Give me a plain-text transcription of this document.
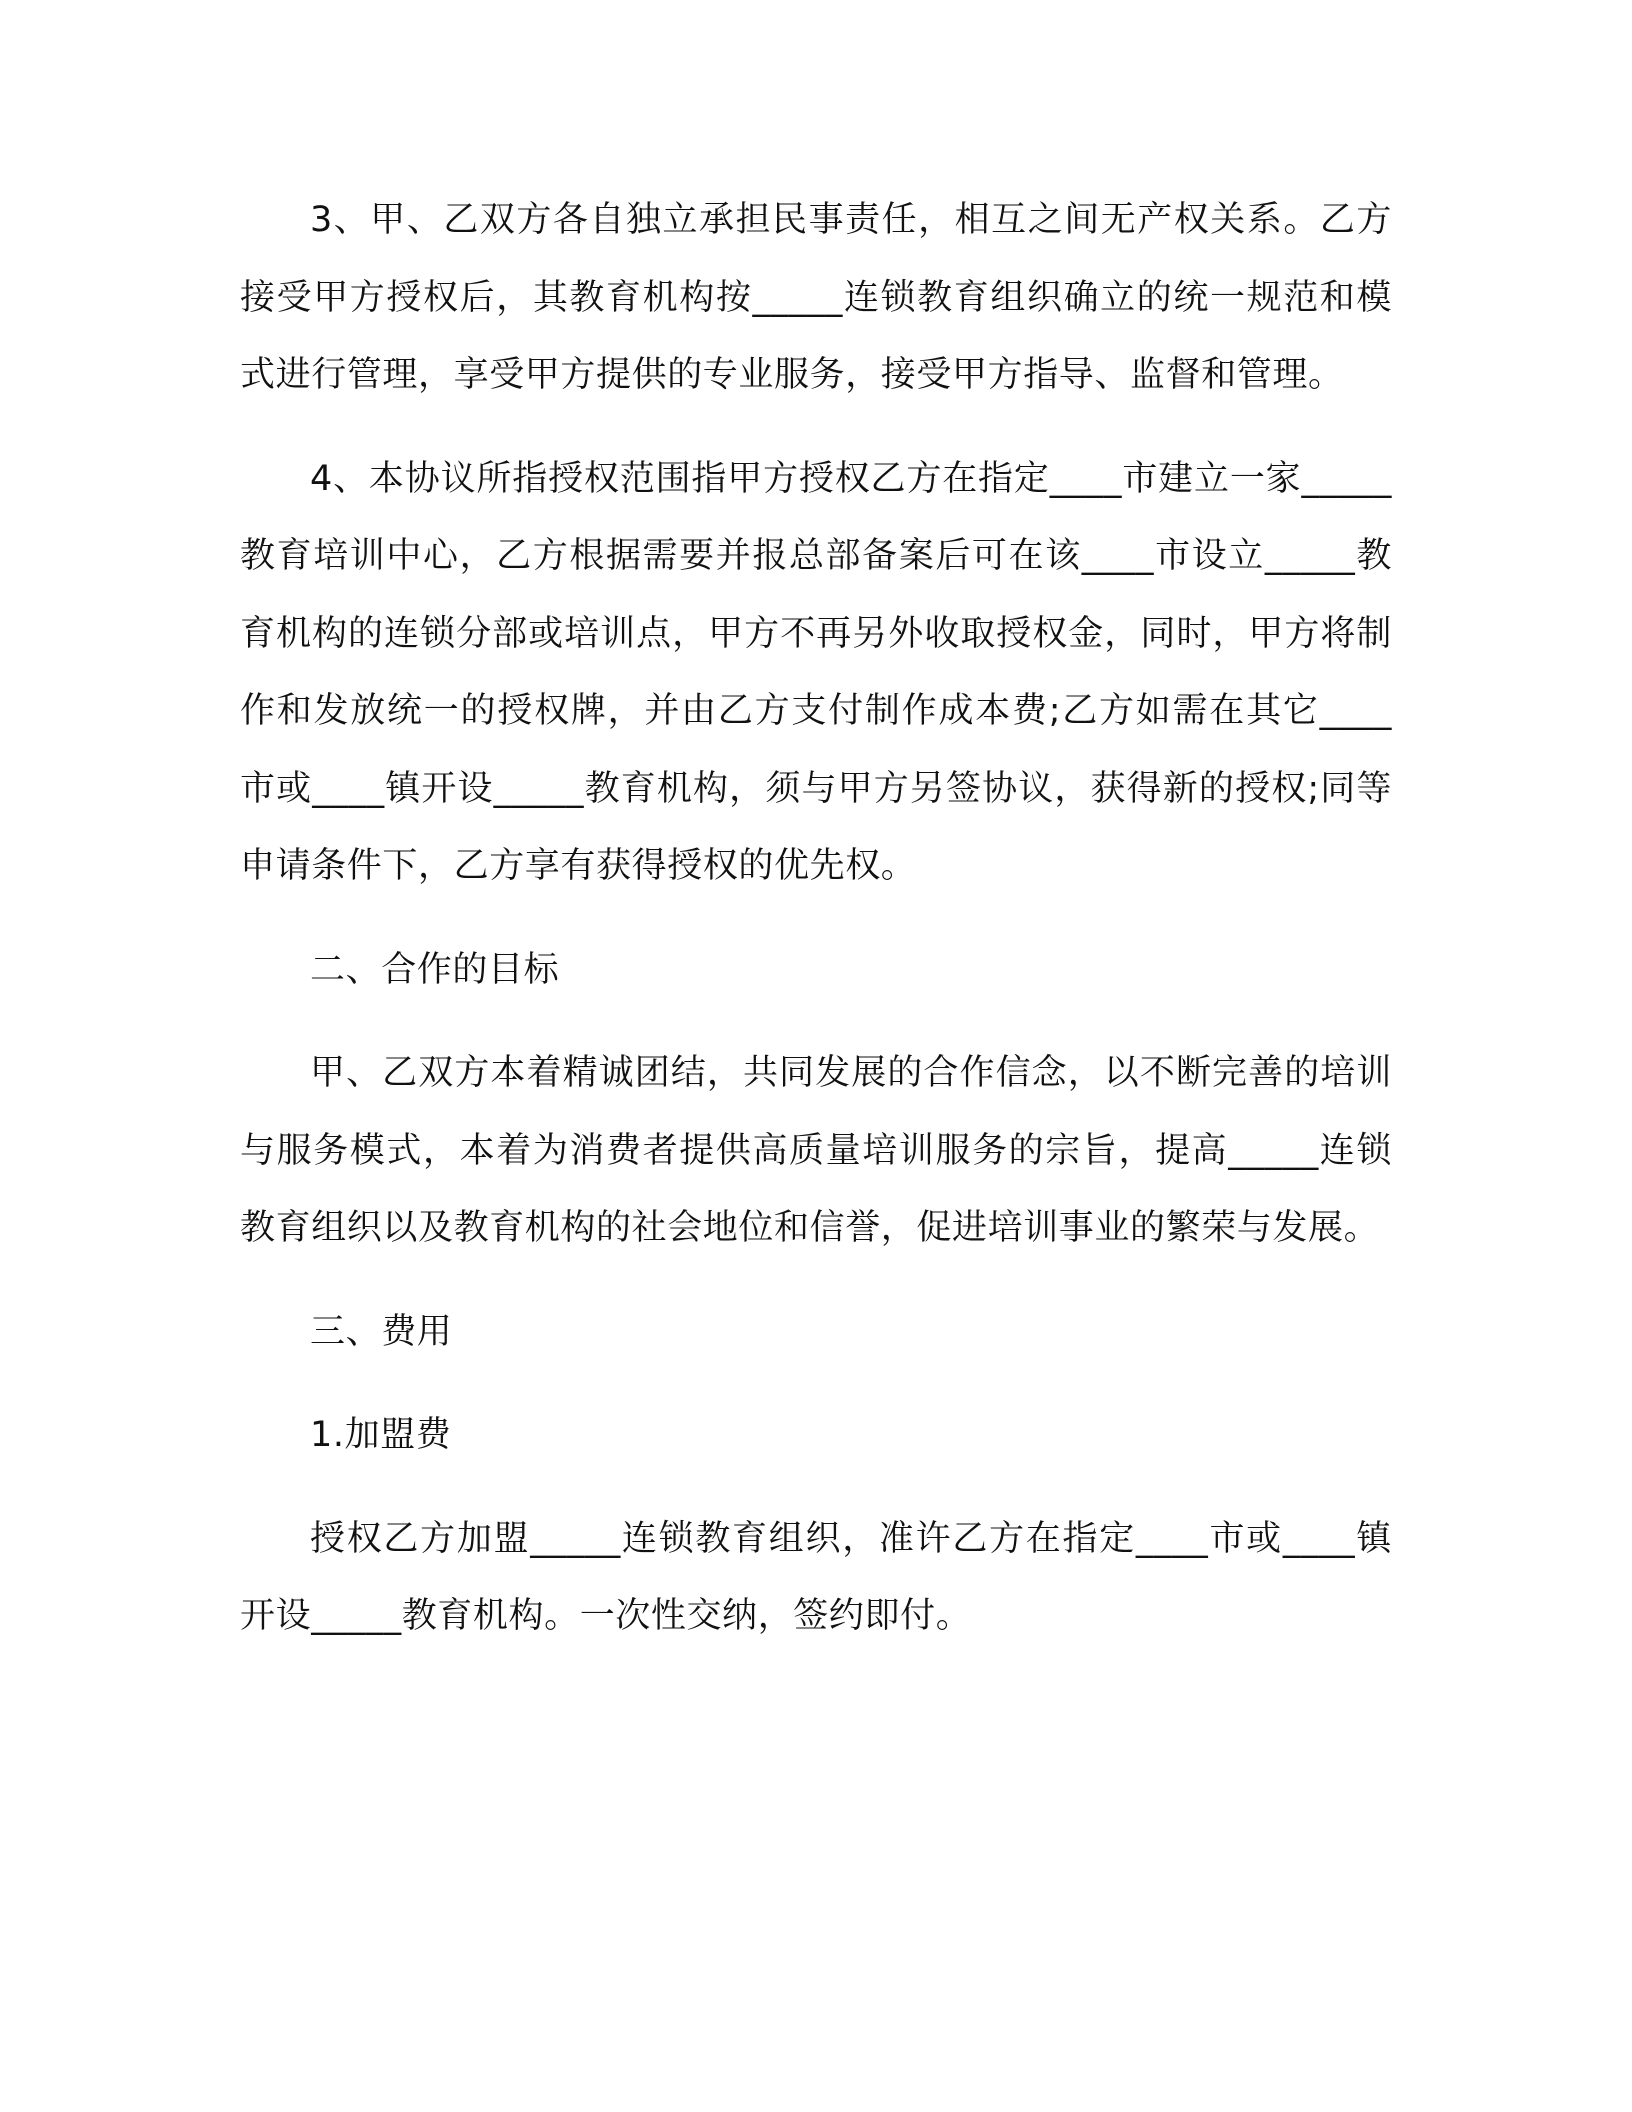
3、甲、乙双方各自独立承担民事责任，相互之间无产权关系。乙方接受甲方授权后，其教育机构按_____连锁教育组织确立的统一规范和模式进行管理，享受甲方提供的专业服务，接受甲方指导、监督和管理。

4、本协议所指授权范围指甲方授权乙方在指定____市建立一家_____教育培训中心，乙方根据需要并报总部备案后可在该____市设立_____教育机构的连锁分部或培训点，甲方不再另外收取授权金，同时，甲方将制作和发放统一的授权牌，并由乙方支付制作成本费;乙方如需在其它____市或____镇开设_____教育机构，须与甲方另签协议，获得新的授权;同等申请条件下，乙方享有获得授权的优先权。

二、合作的目标

甲、乙双方本着精诚团结，共同发展的合作信念，以不断完善的培训与服务模式，本着为消费者提供高质量培训服务的宗旨，提高_____连锁教育组织以及教育机构的社会地位和信誉，促进培训事业的繁荣与发展。

三、费用
1.加盟费

授权乙方加盟_____连锁教育组织，准许乙方在指定____市或____镇开设_____教育机构。一次性交纳，签约即付。
